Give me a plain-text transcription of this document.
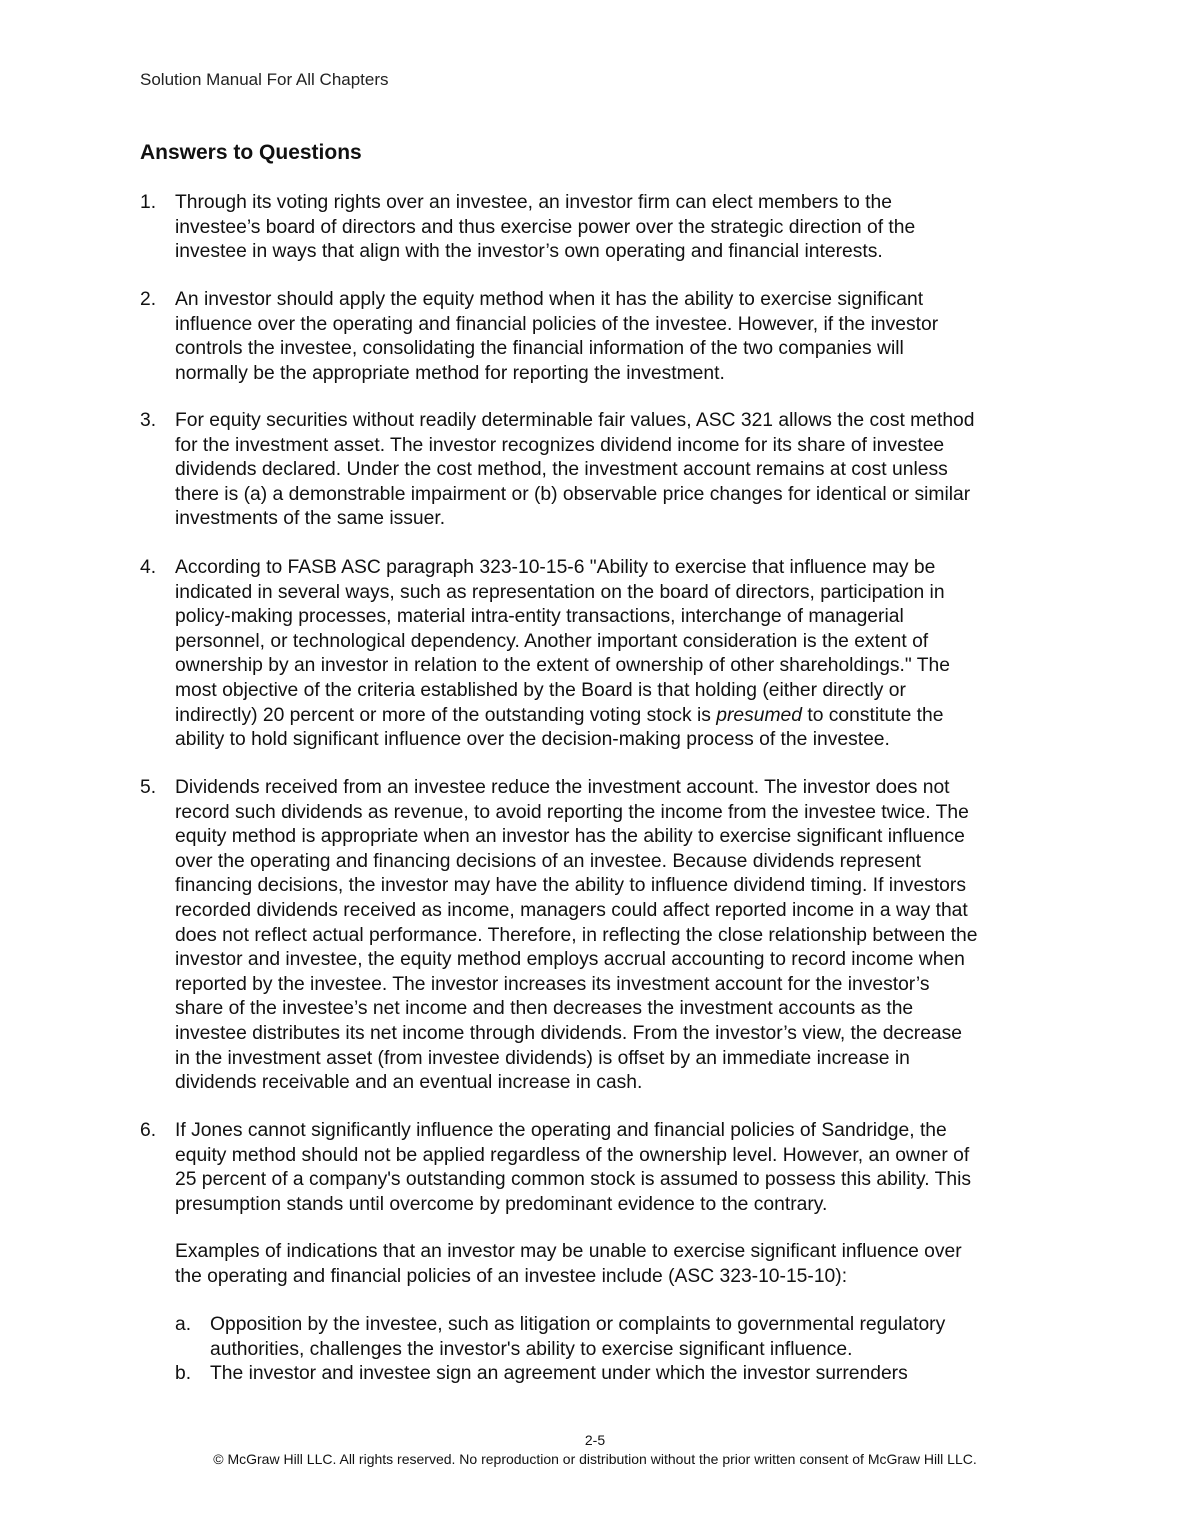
Solution Manual For All Chapters
Answers to Questions
1. Through its voting rights over an investee, an investor firm can elect members to the
investee’s board of directors and thus exercise power over the strategic direction of the
investee in ways that align with the investor’s own operating and financial interests.
2. An investor should apply the equity method when it has the ability to exercise significant
influence over the operating and financial policies of the investee. However, if the investor
controls the investee, consolidating the financial information of the two companies will
normally be the appropriate method for reporting the investment.
3. For equity securities without readily determinable fair values, ASC 321 allows the cost method
for the investment asset. The investor recognizes dividend income for its share of investee
dividends declared. Under the cost method, the investment account remains at cost unless
there is (a) a demonstrable impairment or (b) observable price changes for identical or similar
investments of the same issuer.
4. According to FASB ASC paragraph 323-10-15-6 "Ability to exercise that influence may be
indicated in several ways, such as representation on the board of directors, participation in
policy-making processes, material intra-entity transactions, interchange of managerial
personnel, or technological dependency. Another important consideration is the extent of
ownership by an investor in relation to the extent of ownership of other shareholdings." The
most objective of the criteria established by the Board is that holding (either directly or
indirectly) 20 percent or more of the outstanding voting stock is presumed to constitute the
ability to hold significant influence over the decision-making process of the investee.
5. Dividends received from an investee reduce the investment account. The investor does not
record such dividends as revenue, to avoid reporting the income from the investee twice. The
equity method is appropriate when an investor has the ability to exercise significant influence
over the operating and financing decisions of an investee. Because dividends represent
financing decisions, the investor may have the ability to influence dividend timing. If investors
recorded dividends received as income, managers could affect reported income in a way that
does not reflect actual performance. Therefore, in reflecting the close relationship between the
investor and investee, the equity method employs accrual accounting to record income when
reported by the investee. The investor increases its investment account for the investor’s
share of the investee’s net income and then decreases the investment accounts as the
investee distributes its net income through dividends. From the investor’s view, the decrease
in the investment asset (from investee dividends) is offset by an immediate increase in
dividends receivable and an eventual increase in cash.
6. If Jones cannot significantly influence the operating and financial policies of Sandridge, the
equity method should not be applied regardless of the ownership level. However, an owner of
25 percent of a company's outstanding common stock is assumed to possess this ability. This
presumption stands until overcome by predominant evidence to the contrary.
Examples of indications that an investor may be unable to exercise significant influence over
the operating and financial policies of an investee include (ASC 323-10-15-10):
a. Opposition by the investee, such as litigation or complaints to governmental regulatory
authorities, challenges the investor's ability to exercise significant influence.
b. The investor and investee sign an agreement under which the investor surrenders
2-5
© McGraw Hill LLC. All rights reserved. No reproduction or distribution without the prior written consent of McGraw Hill LLC.
